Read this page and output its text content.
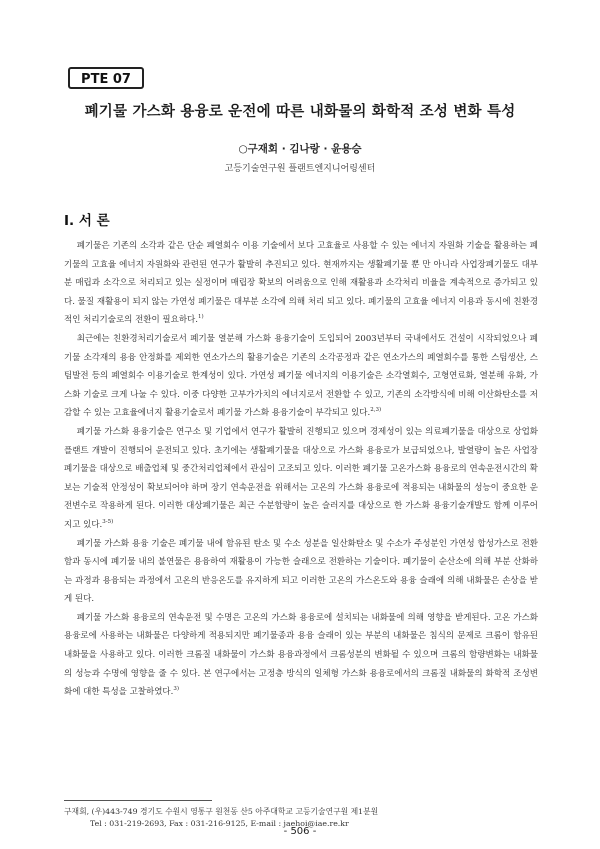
PTE 07
폐기물 가스화 용융로 운전에 따른 내화물의 화학적 조성 변화 특성
○구재회 · 김나랑 · 윤용승
고등기술연구원 플랜트엔지니어링센터
I. 서 론

폐기물은 기존의 소각과 같은 단순 폐열회수 이용 기술에서 보다 고효율로 사용할 수 있는 에너지 자원화 기술을 활용하는 폐기물의 고효율 에너지 자원화와 관련된 연구가 활발히 추진되고 있다. 현재까지는 생활폐기물 뿐 만 아니라 사업장폐기물도 대부분 매립과 소각으로 처리되고 있는 실정이며 매립장 확보의 어려움으로 인해 재활용과 소각처리 비율을 계속적으로 증가되고 있다. 물질 재활용이 되지 않는 가연성 폐기물은 대부분 소각에 의해 처리 되고 있다. 폐기물의 고효율 에너지 이용과 동시에 친환경적인 처리기술로의 전환이 필요하다.$^{1)}$

최근에는 친환경처리기술로서 폐기물 열분해 가스화 용융기술이 도입되어 2003년부터 국내에서도 건설이 시작되었으나 폐기물 소각재의 용융 안정화를 제외한 연소가스의 활용기술은 기존의 소각공정과 같은 연소가스의 폐열회수를 통한 스팀생산, 스팀발전 등의 폐열회수 이용기술로 한계성이 있다. 가연성 폐기물 에너지의 이용기술은 소각열회수, 고형연료화, 열분해 유화, 가스화 기술로 크게 나눌 수 있다. 이중 다양한 고부가가치의 에너지로서 전환할 수 있고, 기존의 소각방식에 비해 이산화탄소를 저감할 수 있는 고효율에너지 활용기술로서 폐기물 가스화 용융기술이 부각되고 있다.$^{2,3)}$

폐기물 가스화 용융기술은 연구소 및 기업에서 연구가 활발히 진행되고 있으며 경제성이 있는 의료폐기물을 대상으로 상업화 플랜트 개발이 진행되어 운전되고 있다. 초기에는 생활폐기물을 대상으로 가스화 용융로가 보급되었으나, 발열량이 높은 사업장폐기물을 대상으로 배출업체 및 중간처리업체에서 관심이 고조되고 있다. 이러한 폐기물 고온가스화 용융로의 연속운전시간의 확보는 기술적 안정성이 확보되어야 하며 장기 연속운전을 위해서는 고온의 가스화 용융로에 적용되는 내화물의 성능이 중요한 운전변수로 작용하게 된다. 이러한 대상폐기물은 최근 수분함량이 높은 슬러지를 대상으로 한 가스화 용융기술개발도 함께 이루어지고 있다.$^{3-5)}$

폐기물 가스화 용융 기술은 폐기물 내에 함유된 탄소 및 수소 성분을 일산화탄소 및 수소가 주성분인 가연성 합성가스로 전환함과 동시에 폐기물 내의 불연물은 용융하여 재활용이 가능한 슬래으로 전환하는 기술이다. 폐기물이 순산소에 의해 부분 산화하는 과정과 용융되는 과정에서 고온의 반응온도를 유지하게 되고 이러한 고온의 가스온도와 용융 슬래에 의해 내화물은 손상을 받게 된다.

폐기물 가스화 용융로의 연속운전 및 수명은 고온의 가스화 용융로에 설치되는 내화물에 의해 영향을 받게된다. 고온 가스화 용융로에 사용하는 내화물은 다양하게 적용되지만 폐기물종과 용융 슬래이 있는 부분의 내화물은 침식의 문제로 크롬이 함유된 내화물을 사용하고 있다. 이러한 크롬질 내화물이 가스화 용융과정에서 크롬성분의 변화될 수 있으며 크롬의 함량변화는 내화물의 성능과 수명에 영향을 줄 수 있다. 본 연구에서는 고정층 방식의 일체형 가스화 용융로에서의 크롬질 내화물의 화학적 조성변화에 대한 특성을 고찰하였다.$^{3)}$

구재회, (우)443-749 경기도 수원시 영통구 원천동 산5 아주대학교 고등기술연구원 제1분원
Tel : 031-219-2693, Fax : 031-216-9125, E-mail : jaehoi@iae.re.kr
- 506 -
